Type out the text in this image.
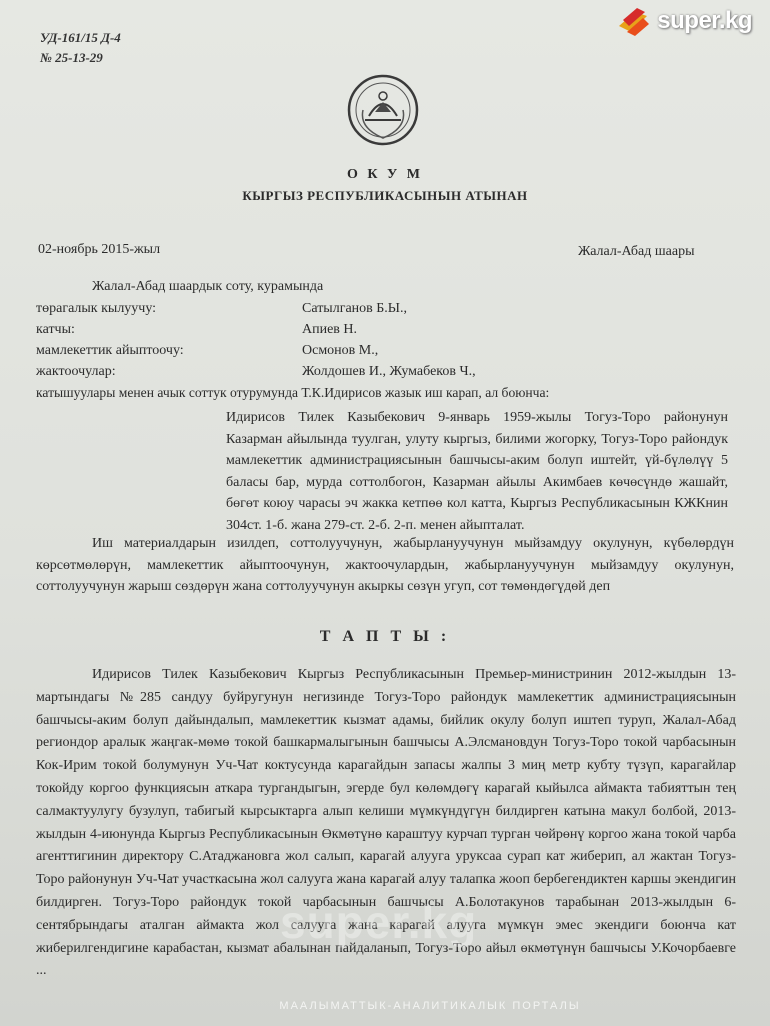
УД-161/15 Д-4
№ 25-13-29
super.kg
О К У М
КЫРГЫЗ РЕСПУБЛИКАСЫНЫН АТЫНАН
02-ноябрь 2015-жыл	Жалал-Абад шаары
Жалал-Абад шаардык соту, курамында
төрагалык кылуучу:	Сатылганов Б.Ы.,
катчы:	Апиев Н.
мамлекеттик айыптоочу:	Осмонов М.,
жактоочулар:	Жолдошев И., Жумабеков Ч.,
катышуулары менен ачык соттук отурумунда Т.К.Идирисов жазык иш карап, ал боюнча:
Идирисов Тилек Казыбекович 9-январь 1959-жылы Тогуз-Торо районунун Казарман айылында туулган, улуту кыргыз, билими жогорку, Тогуз-Торо райондук мамлекеттик администрациясынын башчысы-аким болуп иштейт, үй-бүлөлүү 5 баласы бар, мурда соттолбогон, Казарман айылы Акимбаев көчөсүндө жашайт, бөгөт коюу чарасы эч жакка кетпөө кол катта, Кыргыз Республикасынын КЖКнин 304ст. 1-б. жана 279-ст. 2-б. 2-п. менен айыпталат.
Иш материалдарын изилдеп, соттолуучунун, жабырлануучунун мыйзамдуу окулунун, күбөлөрдүн көрсөтмөлөрүн, мамлекеттик айыптоочунун, жактоочулардын, жабырлануучунун мыйзамдуу окулунун, соттолуучунун жарыш сөздөрүн жана соттолуучунун акыркы сөзүн угуп, сот төмөндөгүдөй деп
Т А П Т Ы :
Идирисов Тилек Казыбекович Кыргыз Республикасынын Премьер-министринин 2012-жылдын 13-мартындагы №285 сандуу буйругунун негизинде Тогуз-Торо райондук мамлекеттик администрациясынын башчысы-аким болуп дайындалып, мамлекеттик кызмат адамы, бийлик окулу болуп иштеп туруп, Жалал-Абад региондор аралык жаңгак-мөмө токой башкармалыгынын башчысы А.Элсмановдун Тогуз-Торо токой чарбасынын Кок-Ирим токой болумунун Уч-Чат коктусунда карагайдын запасы жалпы 3 миң метр кубту түзүп, карагайлар токойду коргоо функциясын аткара тургандыгын, эгерде бул көлөмдөгү карагай кыйылса аймакта табияттын тең салмактуулугу бузулуп, табигый кырсыктарга алып келиши мүмкүндүгүн билдирген катына макул болбой, 2013-жылдын 4-июнунда Кыргыз Республикасынын Өкмөтүнө караштуу курчап турган чөйрөнү коргоо жана токой чарба агенттигинин директору С.Атаджановга жол салып, карагай алууга уруксаа сурап кат жиберип, ал жактан Тогуз-Торо районунун Уч-Чат участкасына жол салууга жана карагай алуу талапка жооп бербегендиктен каршы экендигин билдирген. Тогуз-Торо райондук токой чарбасынын башчысы А.Болотакунов тарабынан 2013-жылдын 6-сентябрындагы аталган аймакта жол салууга жана карагай алууга мүмкүн эмес экендиги боюнча кат жиберилгендигине карабастан, кызмат абалынан пайдаланып, Тогуз-Торо айыл өкмөтүнүн башчысы У.Кочорбаевге ...
super.kg
МААЛЫМАТТЫК-АНАЛИТИКАЛЫК ПОРТАЛЫ
